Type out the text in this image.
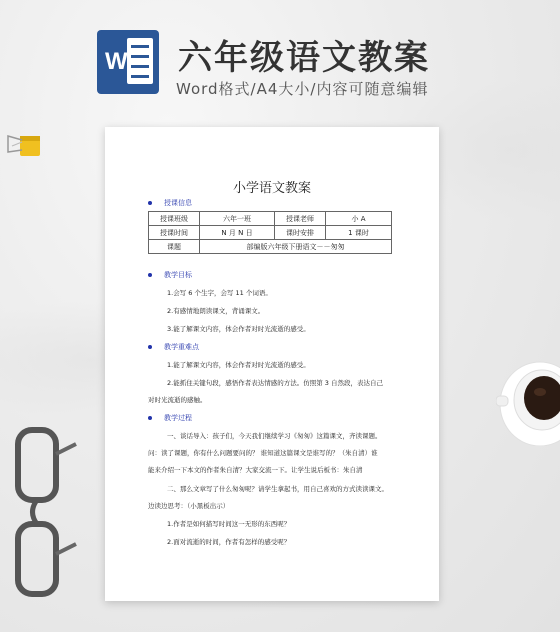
W 六年级语文教案
Word格式/A4大小/内容可随意编辑
小学语文教案
授课信息
授课班级	六年一班	授课老师	小 A
授课时间	N 月 N 日	课时安排	1 课时
课题	部编版六年级下册语文－－匆匆		
教学目标
1.会写 6 个生字，会写 11 个词语。
2.有感情地朗读课文，背诵课文。
3.能了解课文内容，体会作者对时光流逝的感受。
教学重难点
1.能了解课文内容，体会作者对时光流逝的感受。
2.能抓住关键句段，感悟作者表达情感的方法。仿照第 3 自然段，表达自己
对时光流逝的感触。
教学过程
一、谈话导入：孩子们，今天我们继续学习《匆匆》这篇课文，齐读课题。
问：读了课题，你有什么问题要问的？ 谁知道这篇课文是谁写的？（朱自清）谁
能来介绍一下本文的作者朱自清？大家交流一下。让学生说后板书：朱自清
二、那么文章写了什么匆匆呢？请学生拿起书，用自己喜欢的方式读读课文。
边读边思考：（小黑板出示）
1.作者是如何描写时间这一无形的东西呢？
2.面对流逝的时间，作者有怎样的感受呢？
